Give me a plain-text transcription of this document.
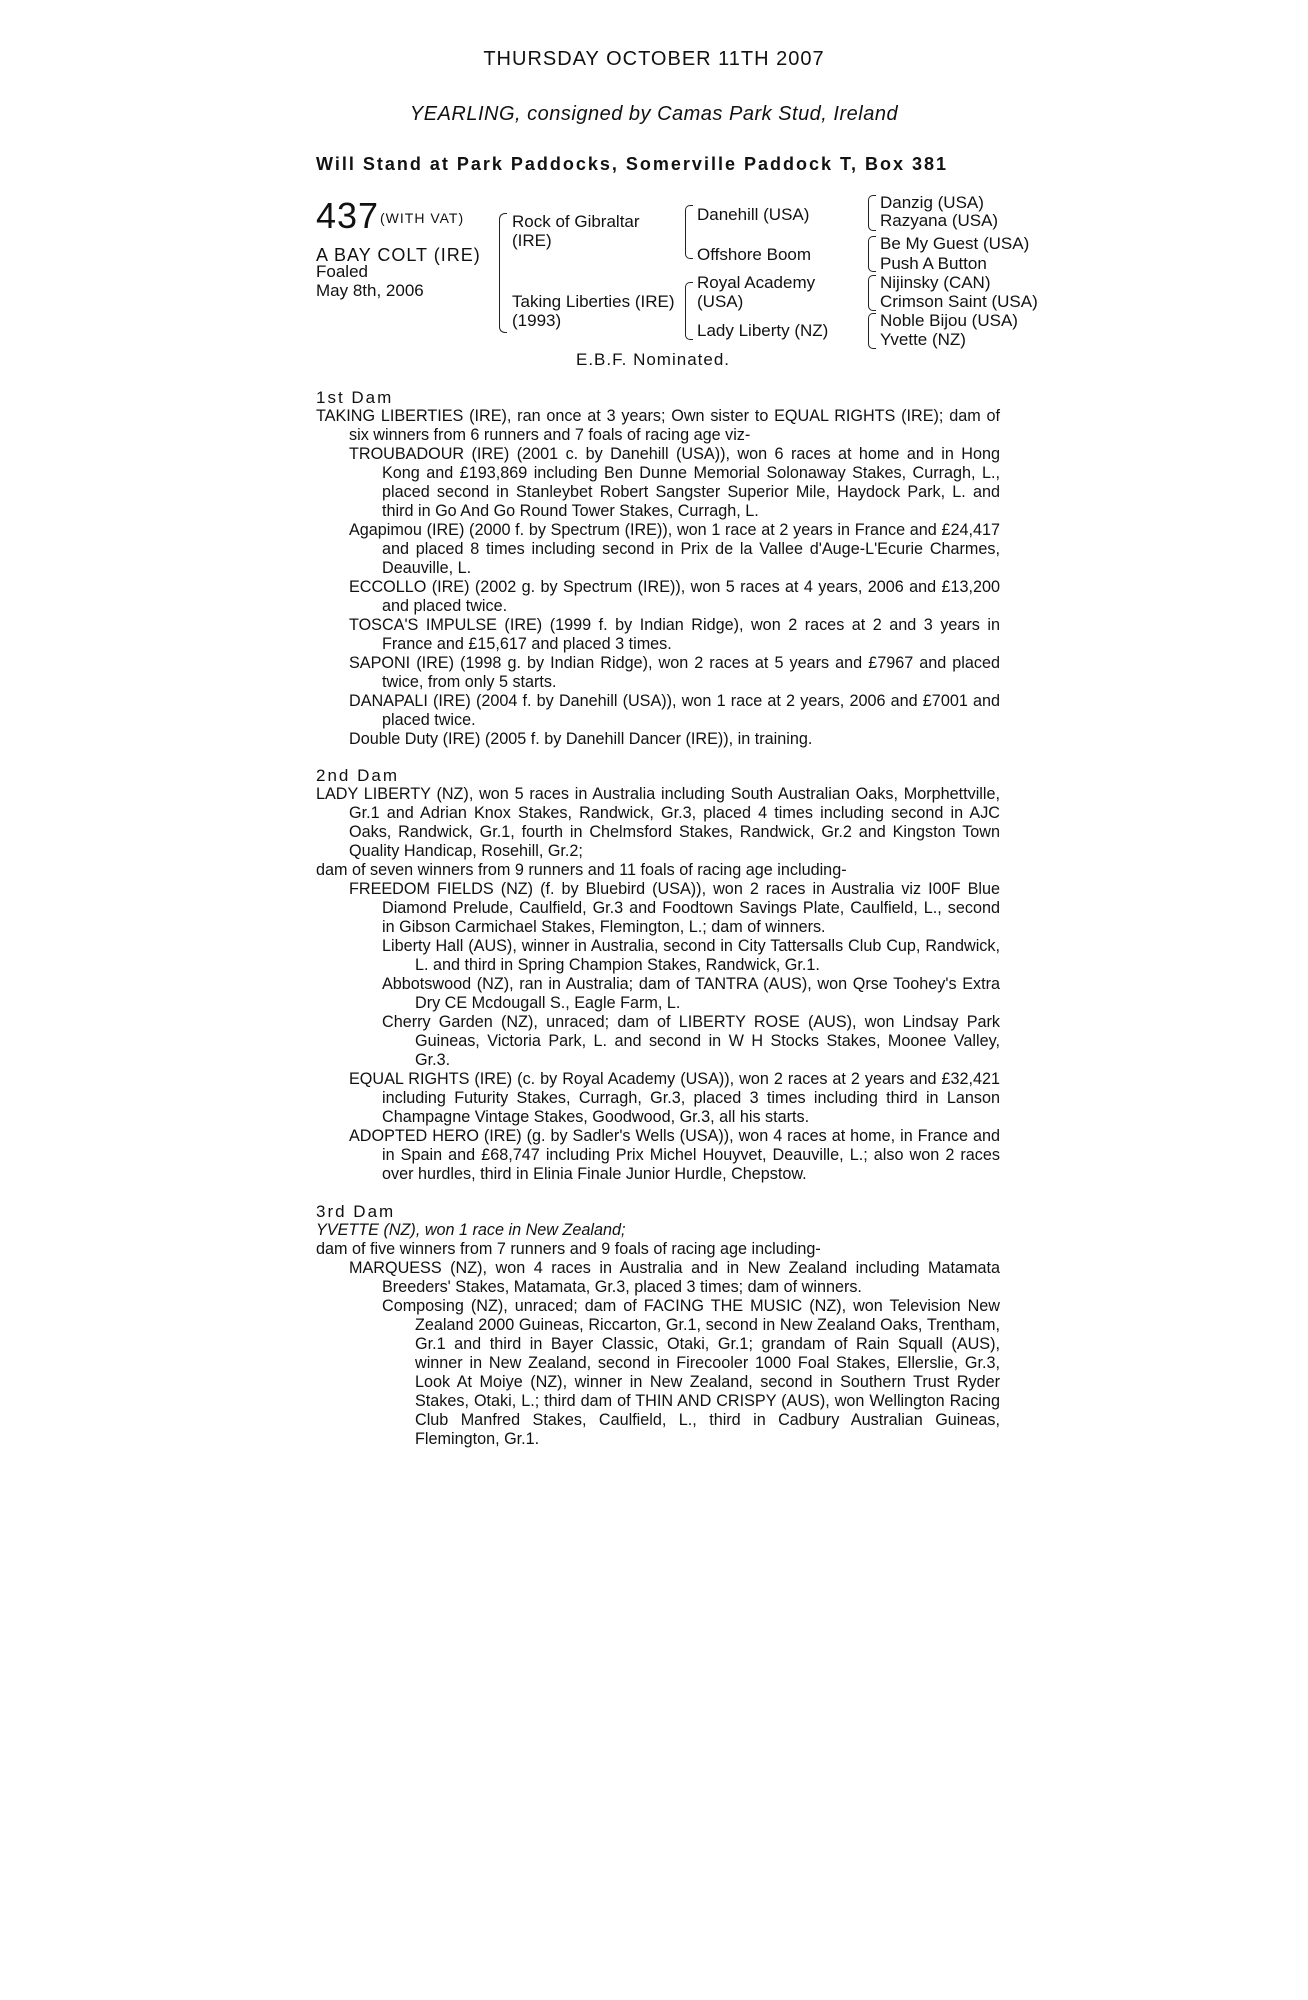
THURSDAY OCTOBER 11TH 2007
YEARLING, consigned by Camas Park Stud, Ireland
Will Stand at Park Paddocks, Somerville Paddock T, Box 381
437 (WITH VAT)
A BAY COLT (IRE)
Foaled
May 8th, 2006
Rock of Gibraltar
(IRE)
Taking Liberties (IRE)
(1993)
Danehill (USA)
Offshore Boom
Royal Academy
(USA)
Lady Liberty (NZ)
Danzig (USA)
Razyana (USA)
Be My Guest (USA)
Push A Button
Nijinsky (CAN)
Crimson Saint (USA)
Noble Bijou (USA)
Yvette (NZ)
E.B.F. Nominated.

1st Dam

TAKING LIBERTIES (IRE), ran once at 3 years; Own sister to EQUAL RIGHTS (IRE); dam of six winners from 6 runners and 7 foals of racing age viz-

TROUBADOUR (IRE) (2001 c. by Danehill (USA)), won 6 races at home and in Hong Kong and £193,869 including Ben Dunne Memorial Solonaway Stakes, Curragh, L., placed second in Stanleybet Robert Sangster Superior Mile, Haydock Park, L. and third in Go And Go Round Tower Stakes, Curragh, L.

Agapimou (IRE) (2000 f. by Spectrum (IRE)), won 1 race at 2 years in France and £24,417 and placed 8 times including second in Prix de la Vallee d'Auge-L'Ecurie Charmes, Deauville, L.

ECCOLLO (IRE) (2002 g. by Spectrum (IRE)), won 5 races at 4 years, 2006 and £13,200 and placed twice.

TOSCA'S IMPULSE (IRE) (1999 f. by Indian Ridge), won 2 races at 2 and 3 years in France and £15,617 and placed 3 times.

SAPONI (IRE) (1998 g. by Indian Ridge), won 2 races at 5 years and £7967 and placed twice, from only 5 starts.

DANAPALI (IRE) (2004 f. by Danehill (USA)), won 1 race at 2 years, 2006 and £7001 and placed twice.

Double Duty (IRE) (2005 f. by Danehill Dancer (IRE)), in training.

2nd Dam

LADY LIBERTY (NZ), won 5 races in Australia including South Australian Oaks, Morphettville, Gr.1 and Adrian Knox Stakes, Randwick, Gr.3, placed 4 times including second in AJC Oaks, Randwick, Gr.1, fourth in Chelmsford Stakes, Randwick, Gr.2 and Kingston Town Quality Handicap, Rosehill, Gr.2;

dam of seven winners from 9 runners and 11 foals of racing age including-

FREEDOM FIELDS (NZ) (f. by Bluebird (USA)), won 2 races in Australia viz I00F Blue Diamond Prelude, Caulfield, Gr.3 and Foodtown Savings Plate, Caulfield, L., second in Gibson Carmichael Stakes, Flemington, L.; dam of winners.

Liberty Hall (AUS), winner in Australia, second in City Tattersalls Club Cup, Randwick, L. and third in Spring Champion Stakes, Randwick, Gr.1.

Abbotswood (NZ), ran in Australia; dam of TANTRA (AUS), won Qrse Toohey's Extra Dry CE Mcdougall S., Eagle Farm, L.

Cherry Garden (NZ), unraced; dam of LIBERTY ROSE (AUS), won Lindsay Park Guineas, Victoria Park, L. and second in W H Stocks Stakes, Moonee Valley, Gr.3.

EQUAL RIGHTS (IRE) (c. by Royal Academy (USA)), won 2 races at 2 years and £32,421 including Futurity Stakes, Curragh, Gr.3, placed 3 times including third in Lanson Champagne Vintage Stakes, Goodwood, Gr.3, all his starts.

ADOPTED HERO (IRE) (g. by Sadler's Wells (USA)), won 4 races at home, in France and in Spain and £68,747 including Prix Michel Houyvet, Deauville, L.; also won 2 races over hurdles, third in Elinia Finale Junior Hurdle, Chepstow.

3rd Dam

YVETTE (NZ), won 1 race in New Zealand;

dam of five winners from 7 runners and 9 foals of racing age including-

MARQUESS (NZ), won 4 races in Australia and in New Zealand including Matamata Breeders' Stakes, Matamata, Gr.3, placed 3 times; dam of winners.

Composing (NZ), unraced; dam of FACING THE MUSIC (NZ), won Television New Zealand 2000 Guineas, Riccarton, Gr.1, second in New Zealand Oaks, Trentham, Gr.1 and third in Bayer Classic, Otaki, Gr.1; grandam of Rain Squall (AUS), winner in New Zealand, second in Firecooler 1000 Foal Stakes, Ellerslie, Gr.3, Look At Moiye (NZ), winner in New Zealand, second in Southern Trust Ryder Stakes, Otaki, L.; third dam of THIN AND CRISPY (AUS), won Wellington Racing Club Manfred Stakes, Caulfield, L., third in Cadbury Australian Guineas, Flemington, Gr.1.
